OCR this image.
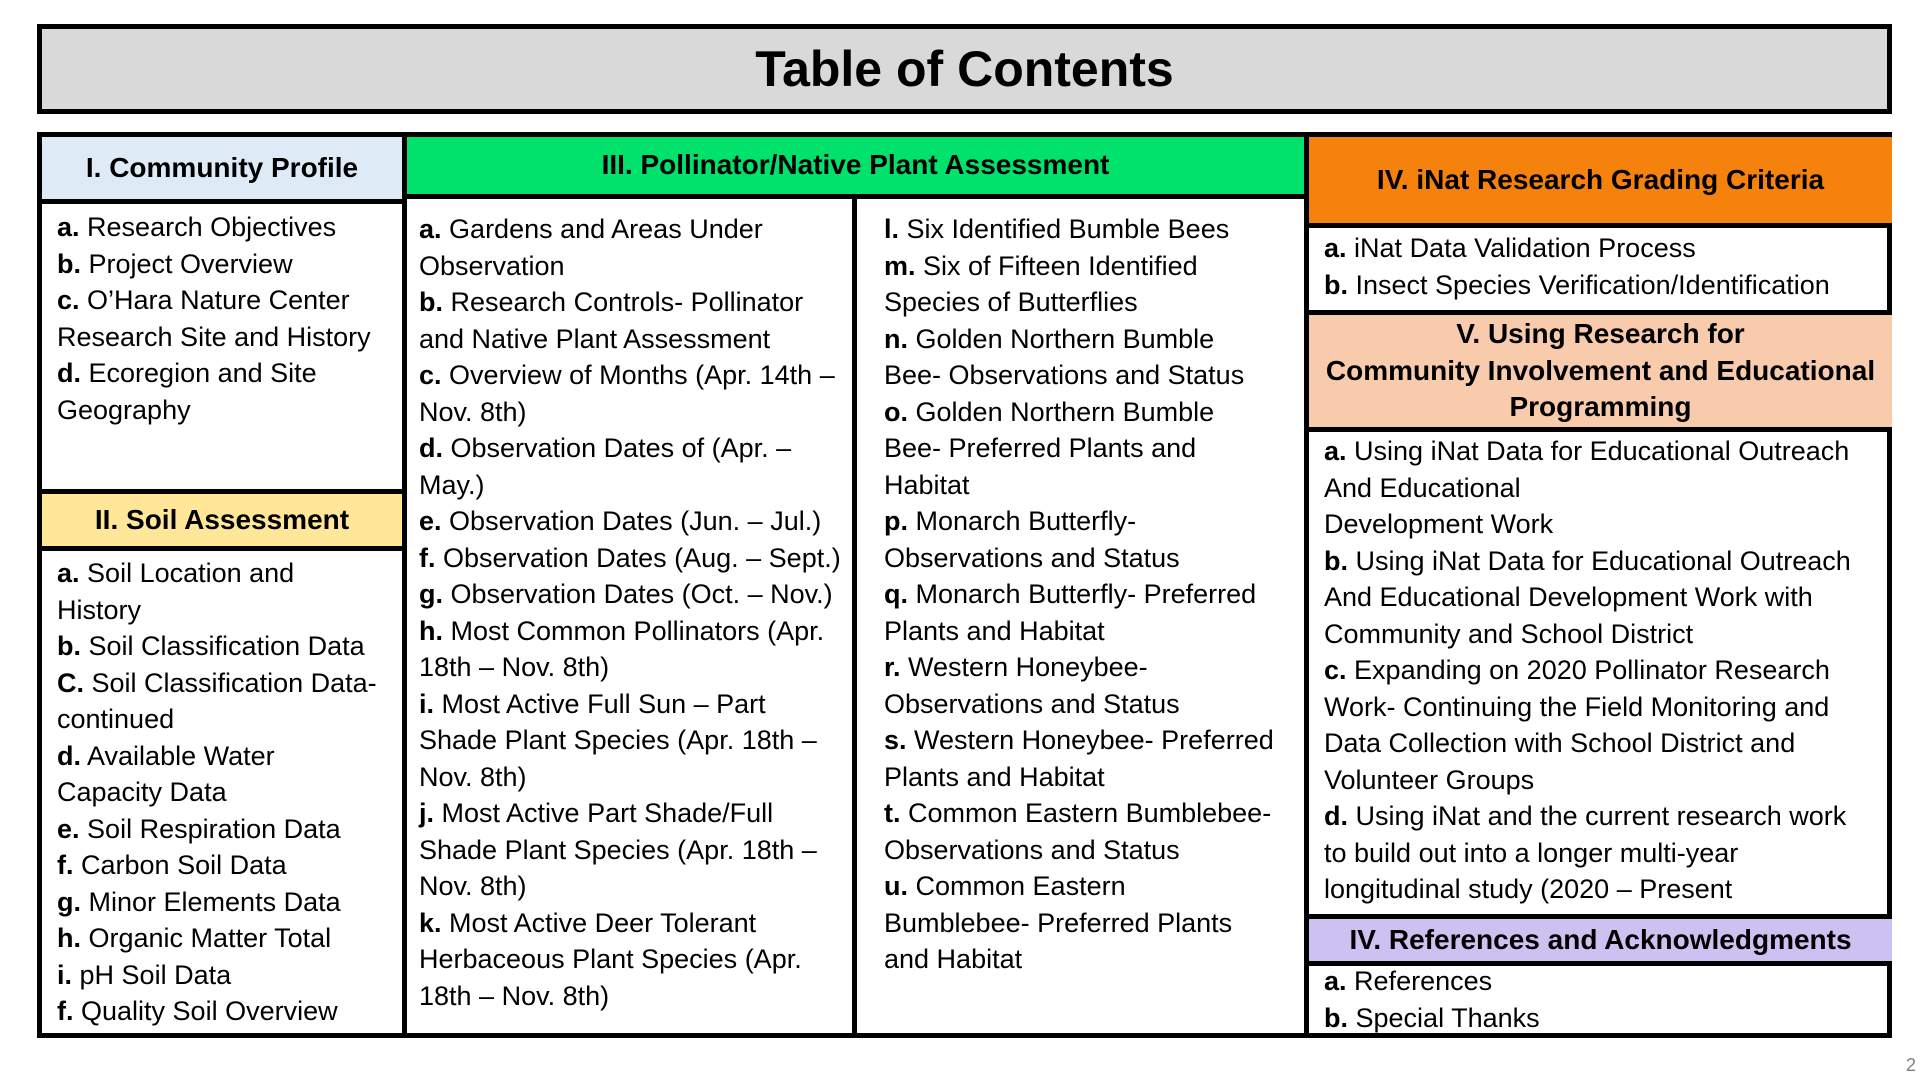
Table of Contents
I. Community Profile
a. Research Objectives
b. Project Overview
c. O’Hara Nature Center
Research Site and History
d. Ecoregion and Site
Geography
II. Soil Assessment
a. Soil Location and
History
b. Soil Classification Data
C. Soil Classification Data-
continued
d. Available Water
Capacity Data
e. Soil Respiration Data
f. Carbon Soil Data
g. Minor Elements Data
h. Organic Matter Total
i. pH Soil Data
f. Quality Soil Overview
III. Pollinator/Native Plant Assessment
a. Gardens and Areas Under
Observation
b. Research Controls- Pollinator
and Native Plant Assessment
c. Overview of Months (Apr. 14th –
Nov. 8th)
d. Observation Dates of (Apr. –
May.)
e. Observation Dates (Jun. – Jul.)
f. Observation Dates (Aug. – Sept.)
g. Observation Dates (Oct. – Nov.)
h. Most Common Pollinators (Apr.
18th – Nov. 8th)
i. Most Active Full Sun – Part
Shade Plant Species (Apr. 18th –
Nov. 8th)
j. Most Active Part Shade/Full
Shade Plant Species (Apr. 18th –
Nov. 8th)
k. Most Active Deer Tolerant
Herbaceous Plant Species (Apr.
18th – Nov. 8th)
l. Six Identified Bumble Bees
m. Six of Fifteen Identified
Species of Butterflies
n. Golden Northern Bumble
Bee- Observations and Status
o. Golden Northern Bumble
Bee- Preferred Plants and
Habitat
p. Monarch Butterfly-
Observations and Status
q. Monarch Butterfly- Preferred
Plants and Habitat
r. Western Honeybee-
Observations and Status
s. Western Honeybee- Preferred
Plants and Habitat
t. Common Eastern Bumblebee-
Observations and Status
u. Common Eastern
Bumblebee- Preferred Plants
and Habitat
IV. iNat Research Grading Criteria
a. iNat Data Validation Process
b. Insect Species Verification/Identification
V. Using Research for
Community Involvement and Educational
Programming
a. Using iNat Data for Educational Outreach
And Educational
Development Work
b. Using iNat Data for Educational Outreach
And Educational Development Work with
Community and School District
c. Expanding on 2020 Pollinator Research
Work- Continuing the Field Monitoring and
Data Collection with School District and
Volunteer Groups
d. Using iNat and the current research work
to build out into a longer multi-year
longitudinal study (2020 – Present
IV. References and Acknowledgments
a. References
b. Special Thanks
2
